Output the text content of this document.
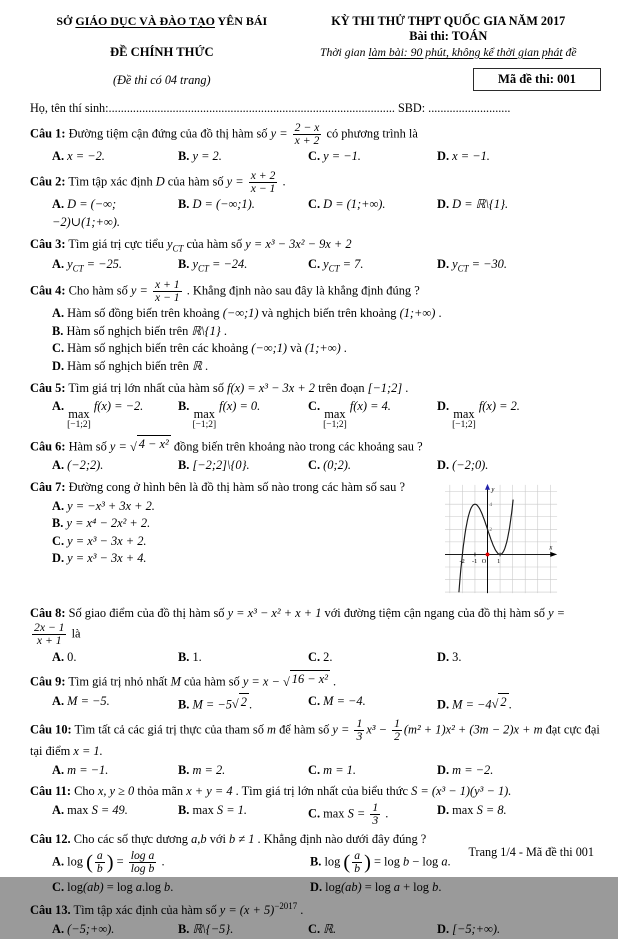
SỞ GIÁO DỤC VÀ ĐÀO TẠO YÊN BÁI
ĐỀ CHÍNH THỨC
(Đề thi có 04 trang)
KỲ THI THỬ THPT QUỐC GIA NĂM 2017
Bài thi: TOÁN
Thời gian làm bài: 90 phút, không kể thời gian phát đề
Mã đề thi: 001
Họ, tên thí sinh:.............................................................................................. SBD: ...........................
Câu 1: Đường tiệm cận đứng của đồ thị hàm số $y = \frac{2 - x}{x + 2}$ có phương trình là
A. x = −2.	B. y = 2.	C. y = −1.	D. x = −1.
Câu 2: Tìm tập xác định D của hàm số $y = \frac{x + 2}{x - 1}$ .
A. D = (−∞;−2)∪(1;+∞).
B. D = (−∞;1).	C. D = (1;+∞).	D. D = ℝ\{1}.
Câu 3: Tìm giá trị cực tiểu $y_{CT}$ của hàm số y = x³ − 3x² − 9x + 2
A. $y_{CT} = -25$.	B. $y_{CT} = -24$.	C. $y_{CT} = 7$.	D. $y_{CT} = -30$.
Câu 4: Cho hàm số $y = \frac{x + 1}{x - 1}$ . Khẳng định nào sau đây là khẳng định đúng ?
A. Hàm số đồng biến trên khoảng (−∞;1) và nghịch biến trên khoảng (1;+∞) .
B. Hàm số nghịch biến trên ℝ\{1} .
C. Hàm số nghịch biến trên các khoảng (−∞;1) và (1;+∞) .
D. Hàm số nghịch biến trên ℝ .
Câu 5: Tìm giá trị lớn nhất của hàm số f(x) = x³ − 3x + 2 trên đoạn [−1;2] .
A.
max
[−1;2]
f(x) = −2.	B.
max
[−1;2]
f(x) = 0.	C.
max
[−1;2]
f(x) = 4.	D.
max
[−1;2]
f(x) = 2.
Câu 6: Hàm số y = √ 4 − x² đồng biến trên khoảng nào trong các khoảng sau ?
A. (−2;2).	B. [−2;2]\{0}.	C. (0;2).	D. (−2;0).
Câu 7: Đường cong ở hình bên là đồ thị hàm số nào trong các hàm số sau ?
A. y = −x³ + 3x + 2.
B. y = x⁴ − 2x² + 2.
C. y = x³ − 3x + 2.
D. y = x³ − 3x + 4.	-2 -1 O 1
4
2
y
x
Câu 8: Số giao điểm của đồ thị hàm số y = x³ − x² + x + 1 với đường tiệm cận ngang của đồ thị hàm số y =
$\frac{2x - 1}{x + 1}$ là
A. 0.	B. 1.	C. 2.	D. 3.
Câu 9: Tìm giá trị nhỏ nhất M của hàm số y = x − √ 16 − x² .
A. M = −5.	B. M = −5 √ 2 .	C. M = −4.	D. M = −4 √ 2 .
Câu 10: Tìm tất cả các giá trị thực của tham số m để hàm số $y = \frac{1}{3} x^3 - \frac{1}{2} (m^2 + 1)x^2 + (3m - 2)x + m$ đạt cực đại tại điểm x = 1.
A. m = −1.	B. m = 2.	C. m = 1.	D. m = −2.
Câu 11: Cho x, y ≥ 0 thỏa mãn x + y = 4 . Tìm giá trị lớn nhất của biểu thức S = (x³ − 1)(y³ − 1).
A. max S = 49.	B. max S = 1.	C. $\max S = \frac{1}{3}$ .	D. max S = 8.
Câu 12. Cho các số thực dương a,b với b ≠ 1 . Khẳng định nào dưới đây đúng ?
A. log ( $\frac{a}{b}$ ) = $\frac{\text{log a}}{\text{log b}}$ .	B. log ( $\frac{a}{b}$ ) = log b − log a.
C. log(ab) = log a.log b.	D. log(ab) = log a + log b.
Câu 13. Tìm tập xác định của hàm số $y = (x + 5)^{-2017}$ .
A. (−5;+∞).	B. ℝ\{−5}.	C. ℝ.	D. [−5;+∞).
Trang 1/4 - Mã đề thi 001
